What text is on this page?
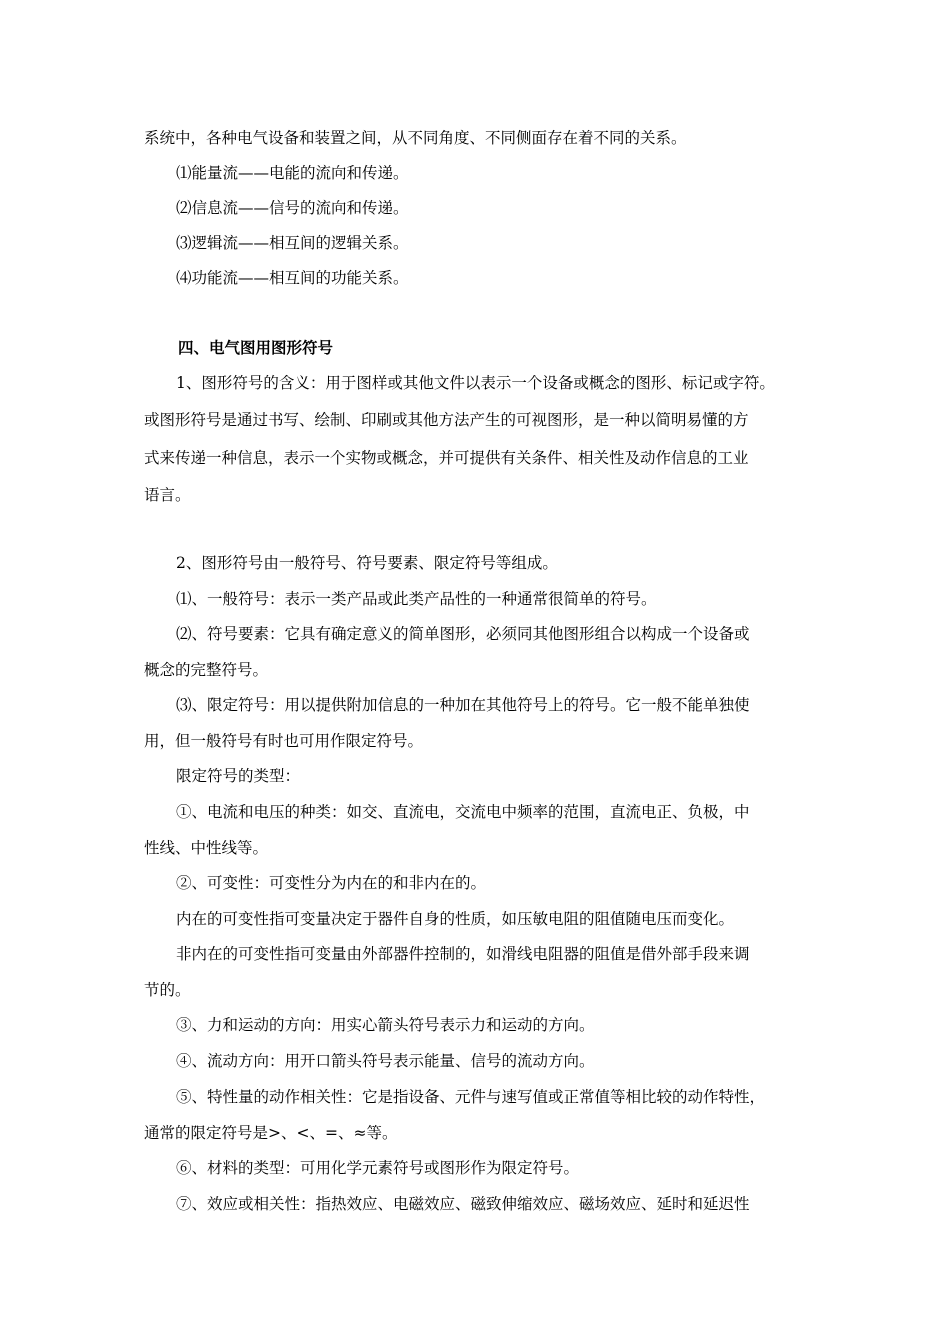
系统中，各种电气设备和装置之间，从不同角度、不同侧面存在着不同的关系。
⑴能量流——电能的流向和传递。
⑵信息流——信号的流向和传递。
⑶逻辑流——相互间的逻辑关系。
⑷功能流——相互间的功能关系。
四、电气图用图形符号
1、图形符号的含义：用于图样或其他文件以表示一个设备或概念的图形、标记或字符。
或图形符号是通过书写、绘制、印刷或其他方法产生的可视图形，是一种以简明易懂的方
式来传递一种信息，表示一个实物或概念，并可提供有关条件、相关性及动作信息的工业
语言。
2、图形符号由一般符号、符号要素、限定符号等组成。
⑴、一般符号：表示一类产品或此类产品性的一种通常很简单的符号。
⑵、符号要素：它具有确定意义的简单图形，必须同其他图形组合以构成一个设备或
概念的完整符号。
⑶、限定符号：用以提供附加信息的一种加在其他符号上的符号。它一般不能单独使
用，但一般符号有时也可用作限定符号。
限定符号的类型：
①、电流和电压的种类：如交、直流电，交流电中频率的范围，直流电正、负极，中
性线、中性线等。
②、可变性：可变性分为内在的和非内在的。
内在的可变性指可变量决定于器件自身的性质，如压敏电阻的阻值随电压而变化。
非内在的可变性指可变量由外部器件控制的，如滑线电阻器的阻值是借外部手段来调
节的。
③、力和运动的方向：用实心箭头符号表示力和运动的方向。
④、流动方向：用开口箭头符号表示能量、信号的流动方向。
⑤、特性量的动作相关性：它是指设备、元件与速写值或正常值等相比较的动作特性，
通常的限定符号是>、<、=、≈等。
⑥、材料的类型：可用化学元素符号或图形作为限定符号。
⑦、效应或相关性：指热效应、电磁效应、磁致伸缩效应、磁场效应、延时和延迟性
